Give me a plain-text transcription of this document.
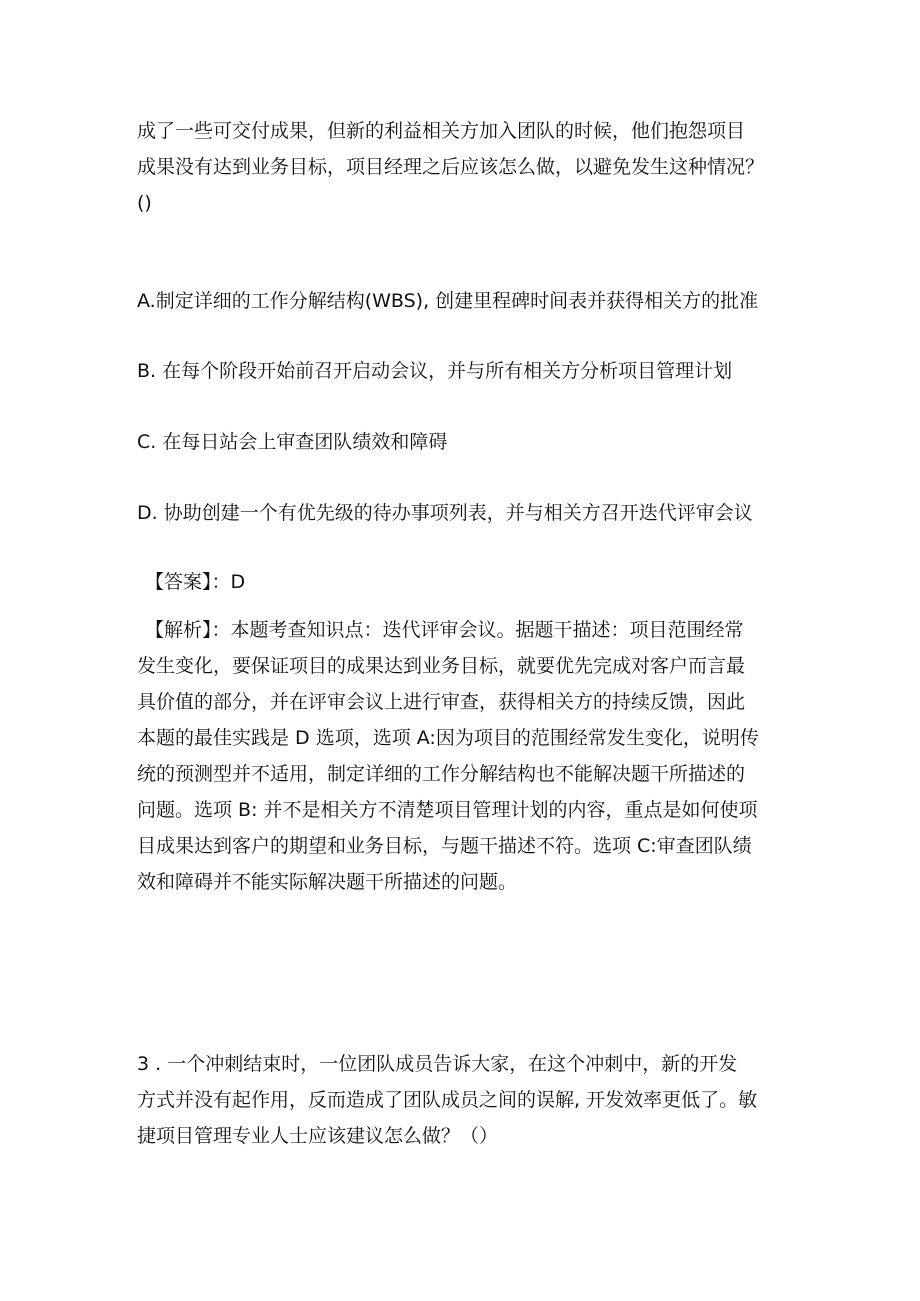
成了一些可交付成果，但新的利益相关方加入团队的时候，他们抱怨项目
成果没有达到业务目标，项目经理之后应该怎么做，以避免发生这种情况？
()
A.制定详细的工作分解结构(WBS), 创建里程碑时间表并获得相关方的批准
B. 在每个阶段开始前召开启动会议，并与所有相关方分析项目管理计划
C. 在每日站会上审查团队绩效和障碍
D. 协助创建一个有优先级的待办事项列表，并与相关方召开迭代评审会议
【答案】：D
【解析】：本题考查知识点：迭代评审会议。据题干描述：项目范围经常
发生变化，要保证项目的成果达到业务目标，就要优先完成对客户而言最
具价值的部分，并在评审会议上进行审查，获得相关方的持续反馈，因此
本题的最佳实践是 D 选项，选项 A:因为项目的范围经常发生变化，说明传
统的预测型并不适用，制定详细的工作分解结构也不能解决题干所描述的
问题。选项 B: 并不是相关方不清楚项目管理计划的内容，重点是如何使项
目成果达到客户的期望和业务目标，与题干描述不符。选项 C:审查团队绩
效和障碍并不能实际解决题干所描述的问题。
3 . 一个冲刺结束时，一位团队成员告诉大家，在这个冲刺中，新的开发
方式并没有起作用，反而造成了团队成员之间的误解, 开发效率更低了。敏
捷项目管理专业人士应该建议怎么做？（）
